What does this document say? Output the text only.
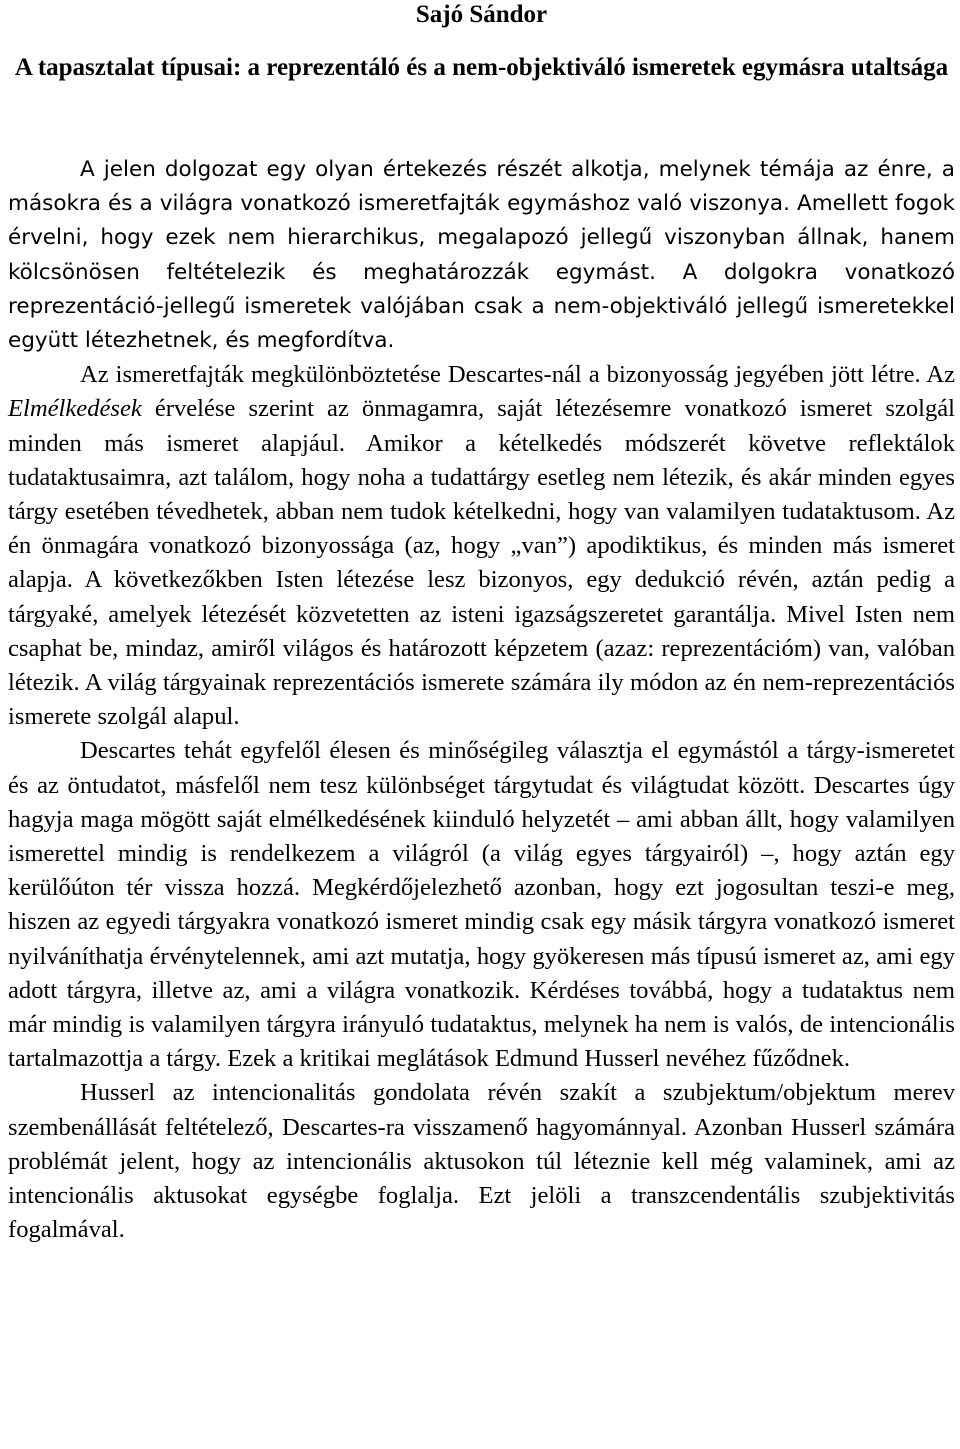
Sajó Sándor
A tapasztalat típusai: a reprezentáló és a nem-objektiváló ismeretek egymásra utaltsága

A jelen dolgozat egy olyan értekezés részét alkotja, melynek témája az énre, a másokra és a világra vonatkozó ismeretfajták egymáshoz való viszonya. Amellett fogok érvelni, hogy ezek nem hierarchikus, megalapozó jellegű viszonyban állnak, hanem kölcsönösen feltételezik és meghatározzák egymást. A dolgokra vonatkozó reprezentáció-jellegű ismeretek valójában csak a nem-objektiváló jellegű ismeretekkel együtt létezhetnek, és megfordítva.

Az ismeretfajták megkülönböztetése Descartes-nál a bizonyosság jegyében jött létre. Az Elmélkedések érvelése szerint az önmagamra, saját létezésemre vonatkozó ismeret szolgál minden más ismeret alapjául. Amikor a kételkedés módszerét követve reflektálok tudataktusaimra, azt találom, hogy noha a tudattárgy esetleg nem létezik, és akár minden egyes tárgy esetében tévedhetek, abban nem tudok kételkedni, hogy van valamilyen tudataktusom. Az én önmagára vonatkozó bizonyossága (az, hogy „van”) apodiktikus, és minden más ismeret alapja. A következőkben Isten létezése lesz bizonyos, egy dedukció révén, aztán pedig a tárgyaké, amelyek létezését közvetetten az isteni igazságszeretet garantálja. Mivel Isten nem csaphat be, mindaz, amiről világos és határozott képzetem (azaz: reprezentációm) van, valóban létezik. A világ tárgyainak reprezentációs ismerete számára ily módon az én nem-reprezentációs ismerete szolgál alapul.

Descartes tehát egyfelől élesen és minőségileg választja el egymástól a tárgy-ismeretet és az öntudatot, másfelől nem tesz különbséget tárgytudat és világtudat között. Descartes úgy hagyja maga mögött saját elmélkedésének kiinduló helyzetét – ami abban állt, hogy valamilyen ismerettel mindig is rendelkezem a világról (a világ egyes tárgyairól) –, hogy aztán egy kerülőúton tér vissza hozzá. Megkérdőjelezhető azonban, hogy ezt jogosultan teszi-e meg, hiszen az egyedi tárgyakra vonatkozó ismeret mindig csak egy másik tárgyra vonatkozó ismeret nyilváníthatja érvénytelennek, ami azt mutatja, hogy gyökeresen más típusú ismeret az, ami egy adott tárgyra, illetve az, ami a világra vonatkozik. Kérdéses továbbá, hogy a tudataktus nem már mindig is valamilyen tárgyra irányuló tudataktus, melynek ha nem is valós, de intencionális tartalmazottja a tárgy. Ezek a kritikai meglátások Edmund Husserl nevéhez fűződnek.

Husserl az intencionalitás gondolata révén szakít a szubjektum/objektum merev szembenállását feltételező, Descartes-ra visszamenő hagyománnyal. Azonban Husserl számára problémát jelent, hogy az intencionális aktusokon túl léteznie kell még valaminek, ami az intencionális aktusokat egységbe foglalja. Ezt jelöli a transzcendentális szubjektivitás fogalmával.
